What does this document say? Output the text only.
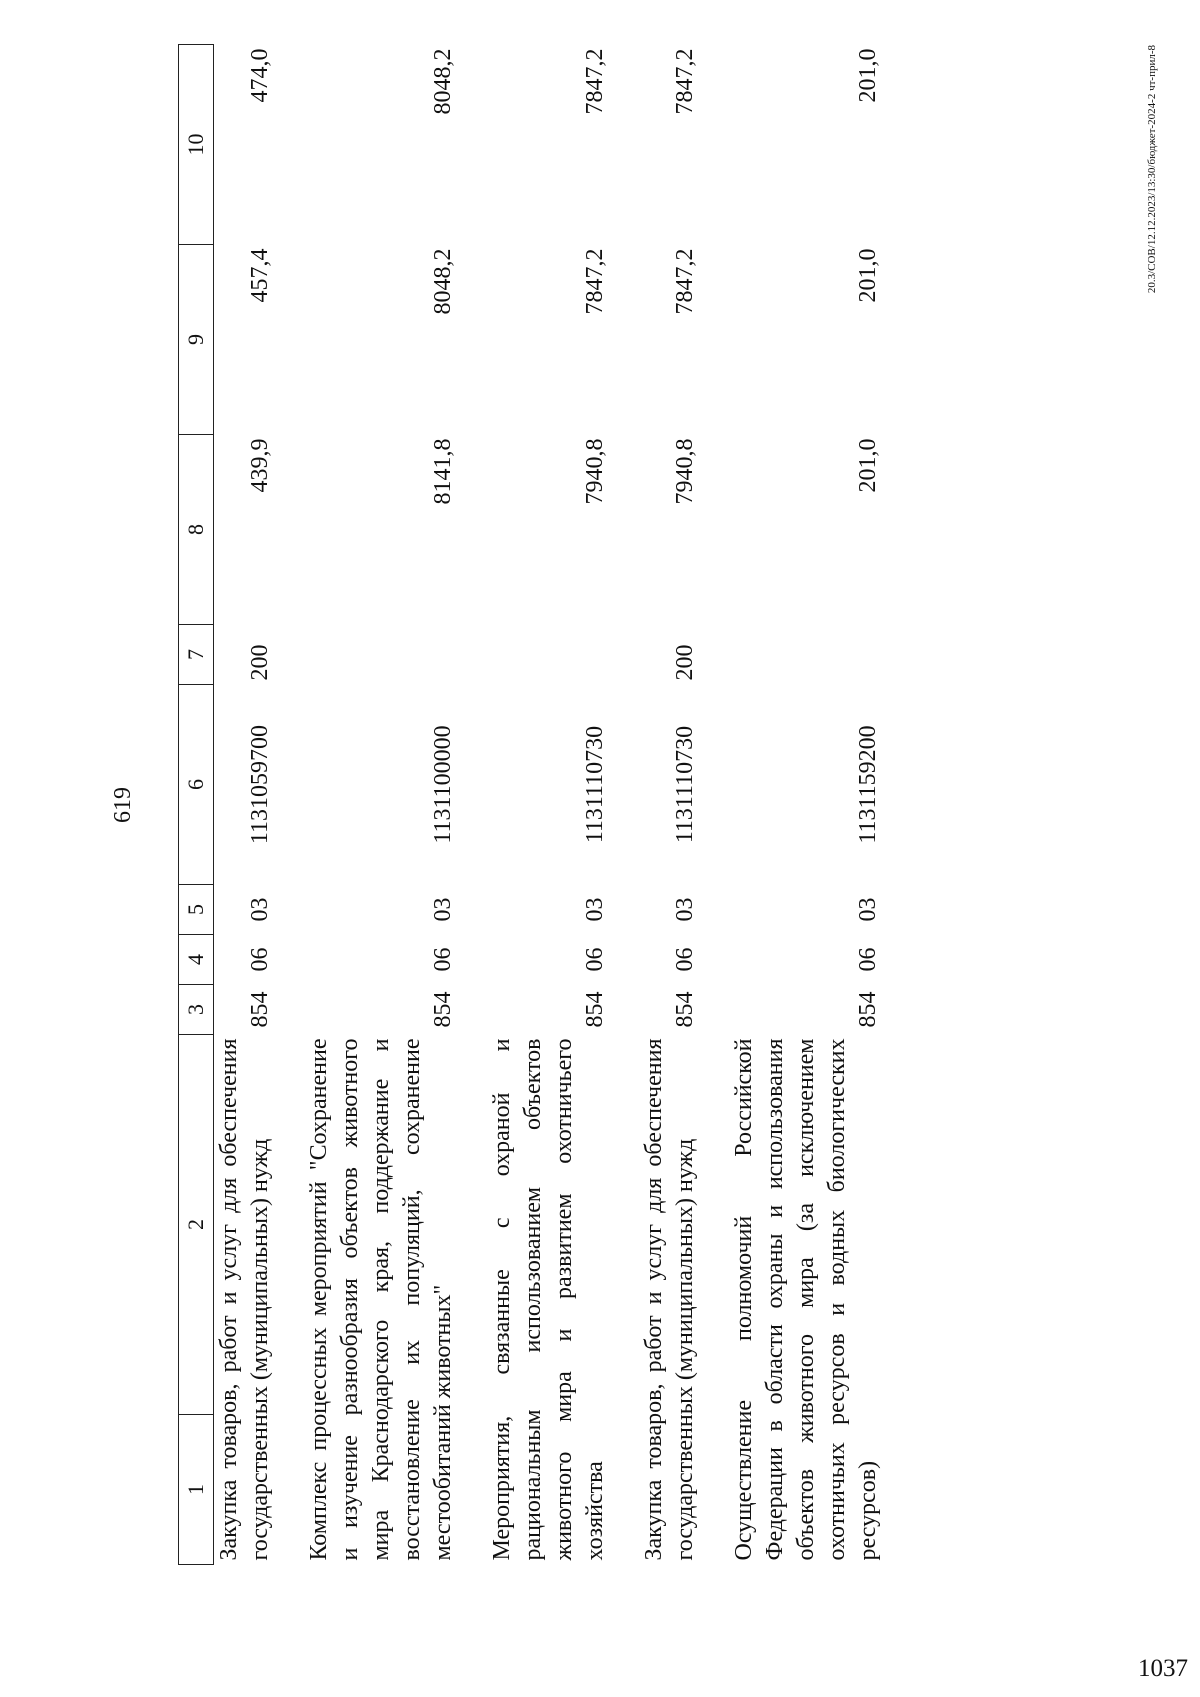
619
1	2	3	4	5	6	7	8	9	10
Закупка товаров, работ и услуг для обеспечения государственных (муниципальных) нужд		854	06	03	1131059700	200	439,9	457,4	474,0
Комплекс процессных мероприятий "Сохранение и изучение разнообразия объектов животного мира Краснодарского края, поддержание и восстановление их популяций, сохранение местообитаний животных"		854	06	03	1131100000		8141,8	8048,2	8048,2
Мероприятия, связанные с охраной и рациональным использованием объектов животного мира и развитием охотничьего хозяйства		854	06	03	1131110730		7940,8	7847,2	7847,2
Закупка товаров, работ и услуг для обеспечения государственных (муниципальных) нужд		854	06	03	1131110730	200	7940,8	7847,2	7847,2
Осуществление полномочий Российской Федерации в области охраны и использования объектов животного мира (за исключением охотничьих ресурсов и водных биологических ресурсов)		854	06	03	1131159200		201,0	201,0	201,0	20.3/СОВ/12.12.2023/13:30/бюджет-2024-2 чт-прил-8
1037
